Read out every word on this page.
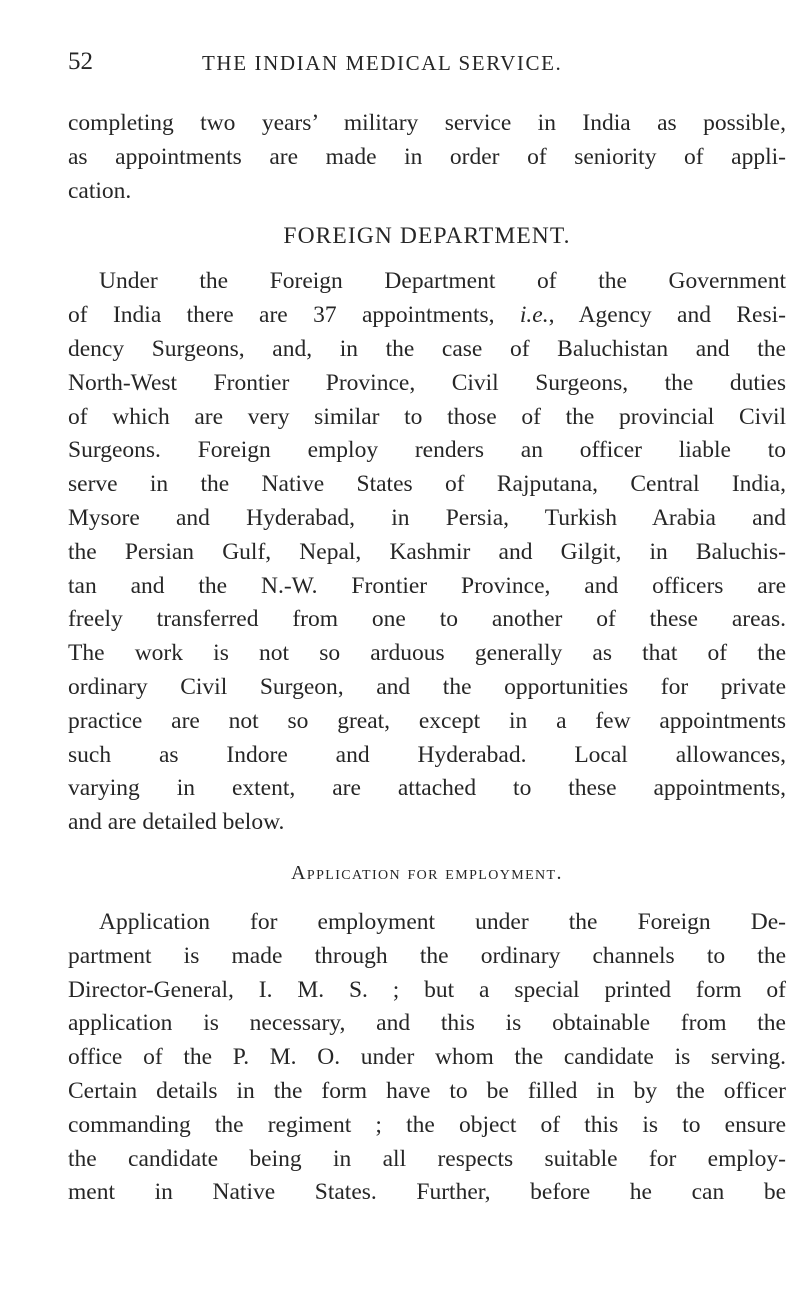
52	THE INDIAN MEDICAL SERVICE.
completing two years’ military service in India as possible,
as appointments are made in order of seniority of appli-
cation.
FOREIGN DEPARTMENT.
Under the Foreign Department of the Government
of India there are 37 appointments, i.e., Agency and Resi-
dency Surgeons, and, in the case of Baluchistan and the
North-West Frontier Province, Civil Surgeons, the duties
of which are very similar to those of the provincial Civil
Surgeons. Foreign employ renders an officer liable to
serve in the Native States of Rajputana, Central India,
Mysore and Hyderabad, in Persia, Turkish Arabia and
the Persian Gulf, Nepal, Kashmir and Gilgit, in Baluchis-
tan and the N.-W. Frontier Province, and officers are
freely transferred from one to another of these areas.
The work is not so arduous generally as that of the
ordinary Civil Surgeon, and the opportunities for private
practice are not so great, except in a few appointments
such as Indore and Hyderabad. Local allowances,
varying in extent, are attached to these appointments,
and are detailed below.
Application for employment.
Application for employment under the Foreign De-
partment is made through the ordinary channels to the
Director-General, I. M. S. ; but a special printed form of
application is necessary, and this is obtainable from the
office of the P. M. O. under whom the candidate is serving.
Certain details in the form have to be filled in by the officer
commanding the regiment ; the object of this is to ensure
the candidate being in all respects suitable for employ-
ment in Native States. Further, before he can be
